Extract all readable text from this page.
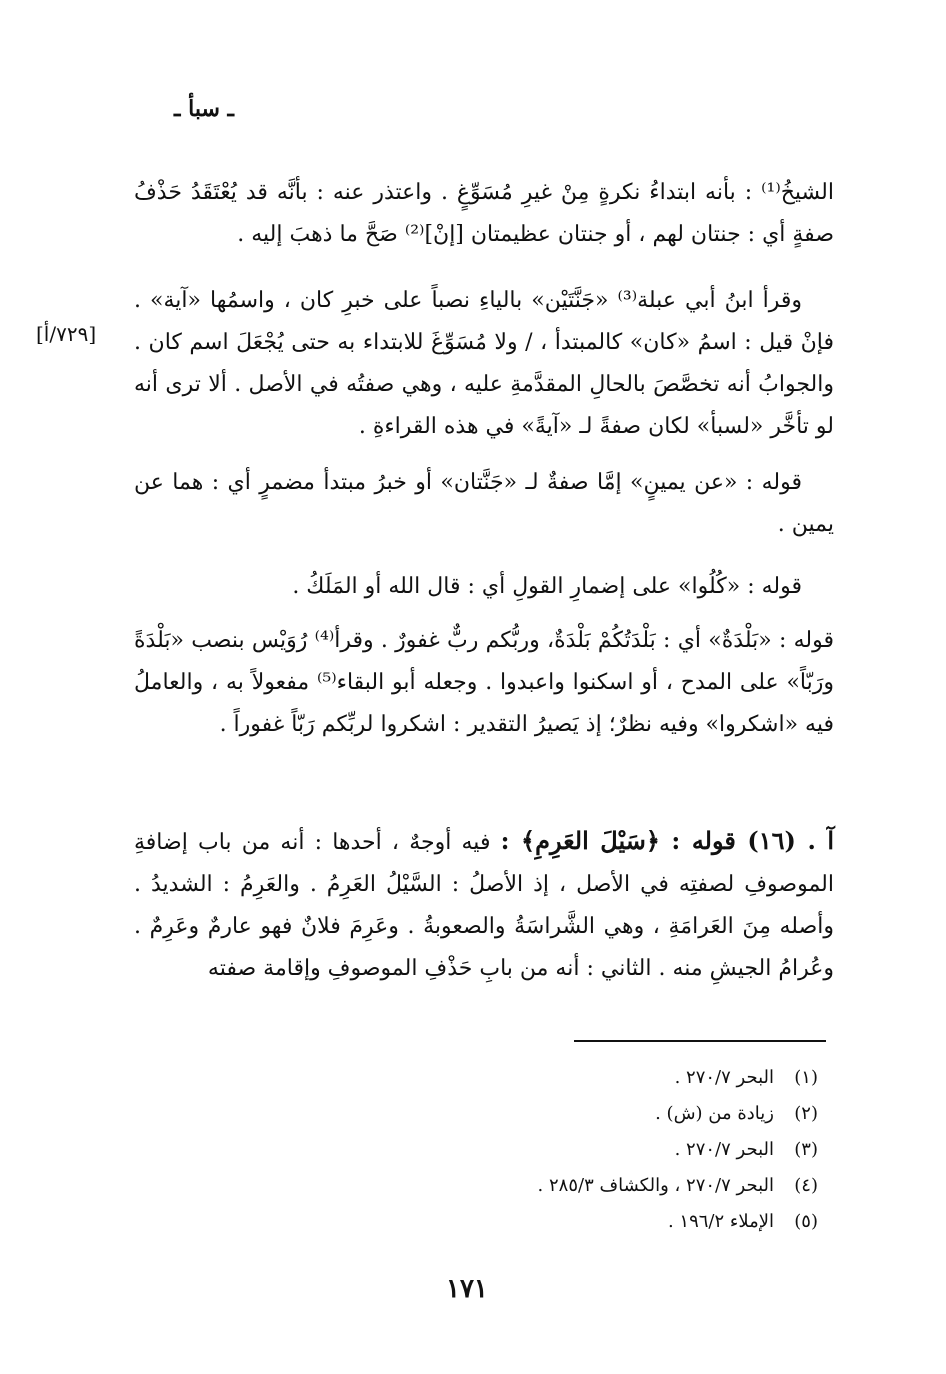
ـ سبأ ـ
[٧٢٩/أ]

الشيخُ⁽¹⁾ : بأنه ابتداءُ نكرةٍ مِنْ غيرِ مُسَوِّغٍ . واعتذر عنه : بأنَّه قد يُعْتَقَدُ حَذْفُ صفةٍ أي : جنتان لهم ، أو جنتان عظيمتان [إنْ]⁽²⁾ صَحَّ ما ذهبَ إليه .

وقرأ ابنُ أبي عبلة⁽³⁾ «جَنَّتَيْن» بالياءِ نصباً على خبرِ كان ، واسمُها «آية» . فإنْ قيل : اسمُ «كان» كالمبتدأ ، / ولا مُسَوِّغَ للابتداء به حتى يُجْعَلَ اسم كان . والجوابُ أنه تخصَّصَ بالحالِ المقدَّمةِ عليه ، وهي صفتُه في الأصل . ألا ترى أنه لو تأخَّر «لسبأ» لكان صفةً لـ «آيةً» في هذه القراءةِ .

قوله : «عن يمينٍ» إمَّا صفةٌ لـ «جَنَّتان» أو خبرُ مبتدأ مضمرٍ أي : هما عن يمين .

قوله : «كُلُوا» على إضمارِ القولِ أي : قال الله أو المَلَكُ .

قوله : «بَلْدَةٌ» أي : بَلْدَتُكُمْ بَلْدَةٌ، وربُّكم ربٌّ غفورٌ . وقرأ⁽⁴⁾ رُوَيْس بنصب «بَلْدَةً ورَبّاً» على المدح ، أو اسكنوا واعبدوا . وجعله أبو البقاء⁽⁵⁾ مفعولاً به ، والعاملُ فيه «اشكروا» وفيه نظرٌ؛ إذ يَصيرُ التقدير : اشكروا لربِّكم رَبّاً غفوراً .

آ . (١٦) قوله : ﴿سَيْلَ العَرِمِ﴾ : فيه أوجهٌ ، أحدها : أنه من باب إضافةِ الموصوفِ لصفتِه في الأصل ، إذ الأصلُ : السَّيْلُ العَرِمُ . والعَرِمُ : الشديدُ . وأصله مِنَ العَرامَةِ ، وهي الشَّراسَةُ والصعوبةُ . وعَرِمَ فلانٌ فهو عارمٌ وعَرِمٌ . وعُرامُ الجيشِ منه . الثاني : أنه من بابِ حَذْفِ الموصوفِ وإقامة صفته

(١)البحر ٢٧٠/٧ .
(٢)زيادة من (ش) .
(٣)البحر ٢٧٠/٧ .
(٤)البحر ٢٧٠/٧ ، والكشاف ٢٨٥/٣ .
(٥)الإملاء ١٩٦/٢ .
١٧١
